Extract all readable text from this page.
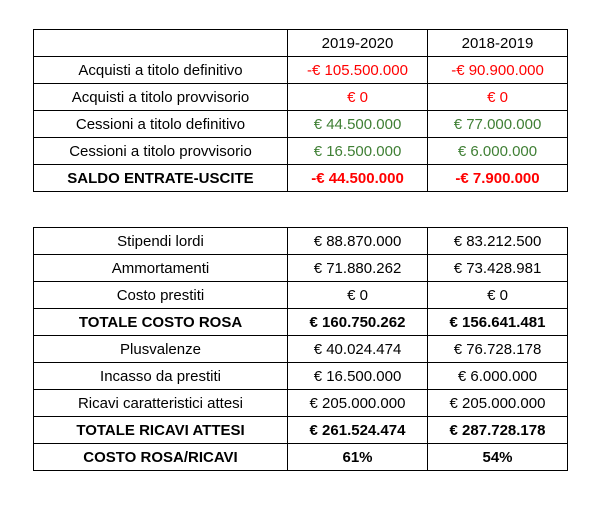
	2019-2020	2018-2019
Acquisti a titolo definitivo	-€ 105.500.000	-€ 90.900.000
Acquisti a titolo provvisorio	€ 0	€ 0
Cessioni a titolo definitivo	€ 44.500.000	€ 77.000.000
Cessioni a titolo provvisorio	€ 16.500.000	€ 6.000.000
SALDO ENTRATE-USCITE	-€ 44.500.000	-€ 7.900.000
Stipendi lordi	€ 88.870.000	€ 83.212.500
Ammortamenti	€ 71.880.262	€ 73.428.981
Costo prestiti	€ 0	€ 0
TOTALE COSTO ROSA	€ 160.750.262	€ 156.641.481
Plusvalenze	€ 40.024.474	€ 76.728.178
Incasso da prestiti	€ 16.500.000	€ 6.000.000
Ricavi caratteristici attesi	€ 205.000.000	€ 205.000.000
TOTALE RICAVI ATTESI	€ 261.524.474	€ 287.728.178
COSTO ROSA/RICAVI	61%	54%
